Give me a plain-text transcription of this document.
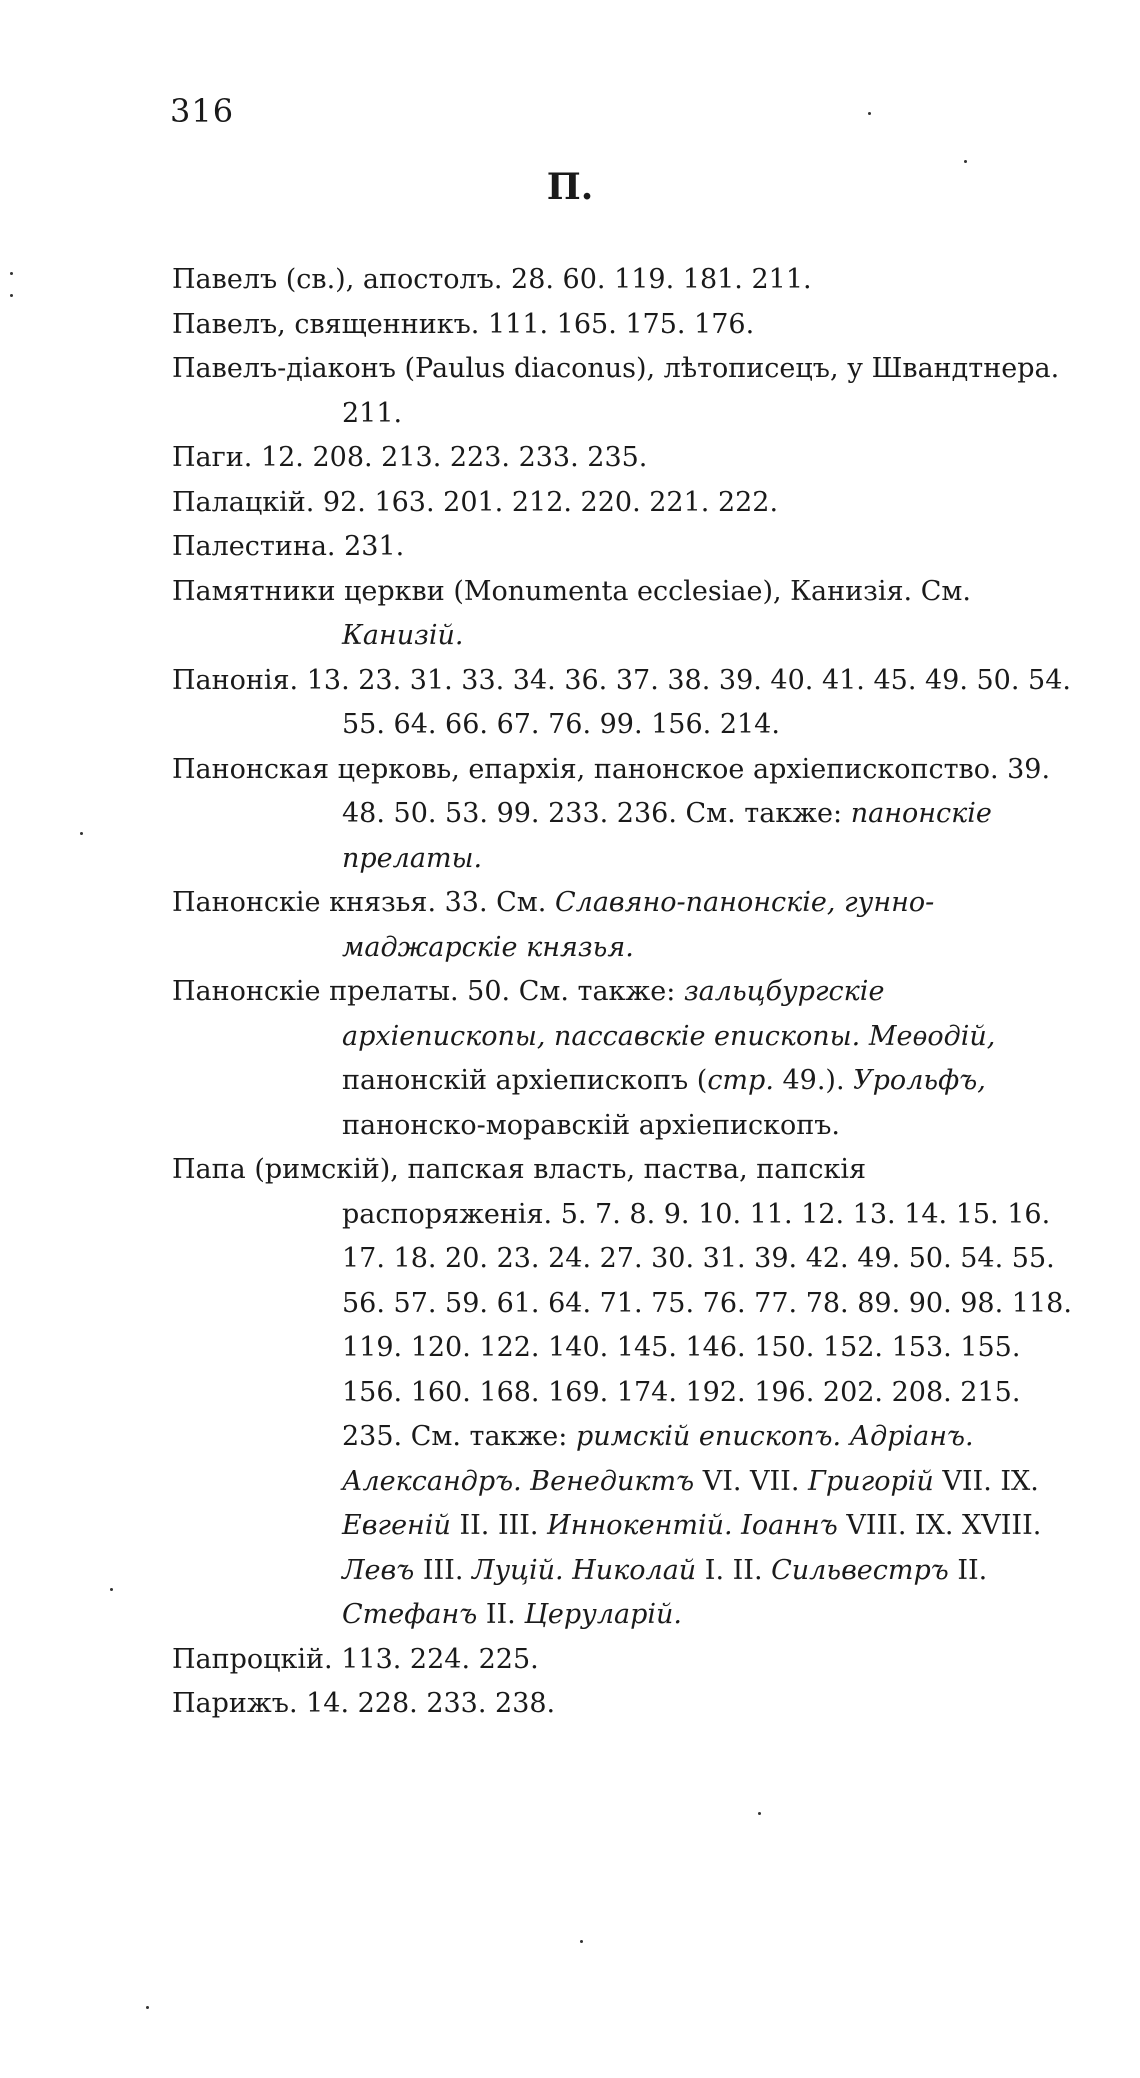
316
П.

Павелъ (св.), апостолъ. 28. 60. 119. 181. 211.

Павелъ, священникъ. 111. 165. 175. 176.

Павелъ-діаконъ (Paulus diaconus), лѣтописецъ, у Швандтнера. 211.

Паги. 12. 208. 213. 223. 233. 235.

Палацкій. 92. 163. 201. 212. 220. 221. 222.

Палестина. 231.

Памятники церкви (Monumenta ecclesiae), Канизія. См. Канизій.

Панонія. 13. 23. 31. 33. 34. 36. 37. 38. 39. 40. 41. 45. 49. 50. 54. 55. 64. 66. 67. 76. 99. 156. 214.

Панонская церковь, епархія, панонское архіепископство. 39. 48. 50. 53. 99. 233. 236. См. также: панонскіе прелаты.

Панонскіе князья. 33. См. Славяно-панонскіе, гунно-маджарскіе князья.

Панонскіе прелаты. 50. См. также: зальцбургскіе архіепископы, пассавскіе епископы. Меѳодій, панонскій архіепископъ (стр. 49.). Урольфъ, панонско-моравскій архіепископъ.

Папа (римскій), папская власть, паства, папскія распоряженія. 5. 7. 8. 9. 10. 11. 12. 13. 14. 15. 16. 17. 18. 20. 23. 24. 27. 30. 31. 39. 42. 49. 50. 54. 55. 56. 57. 59. 61. 64. 71. 75. 76. 77. 78. 89. 90. 98. 118. 119. 120. 122. 140. 145. 146. 150. 152. 153. 155. 156. 160. 168. 169. 174. 192. 196. 202. 208. 215. 235. См. также: римскій епископъ. Адріанъ. Александръ. Венедиктъ VI. VII. Григорій VII. IX. Евгеній II. III. Иннокентій. Іоаннъ VIII. IX. XVIII. Левъ III. Луцій. Николай I. II. Сильвестръ II. Стефанъ II. Церуларій.

Папроцкій. 113. 224. 225.

Парижъ. 14. 228. 233. 238.
